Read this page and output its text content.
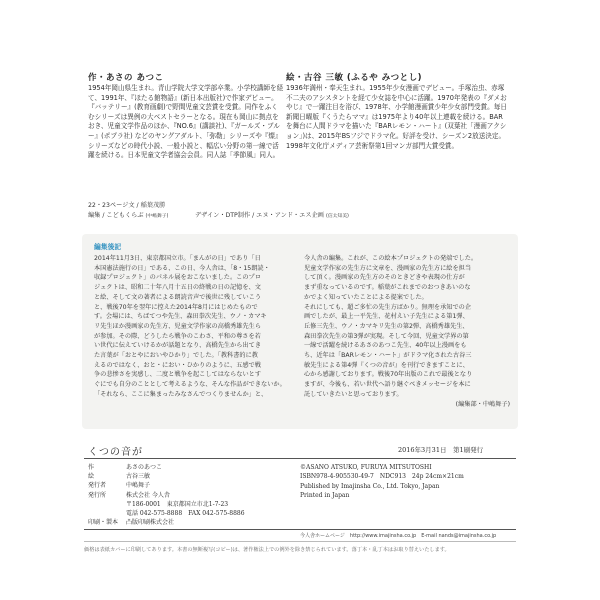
作・あさの あつこ
1954年岡山県生まれ。青山学院大学文学部卒業。小学校講師を経て、1991年、『ほたる館物語』(新日本出版社)で作家デビュー。『バッテリー』(教育画劇)で野間児童文芸賞を受賞。同作をふくむシリーズは異例の大ベストセラーとなる。現在も岡山に拠点をおき、児童文学作品のほか、『NO.6』(講談社)、『ガールズ・ブルー』(ポプラ社) などのヤングアダルト、「弥勒」シリーズや『燦』シリーズなどの時代小説、一般小説と、幅広い分野の第一線で活躍を続ける。日本児童文学者協会会員。同人誌「季節風」同人。
絵・古谷 三敏 (ふるや みつとし)
1936年満州・奉天生まれ。1955年少女漫画でデビュー。手塚治虫、赤塚不二夫のアシスタントを経て少女誌を中心に活躍。1970年発表の『ダメおやじ』で一躍注目を浴び、1978年、小学館漫画賞少年少女部門受賞。毎日新聞日曜版『くうたらママ』は1975年より40年以上連載を続ける。BARを舞台に人間ドラマを描いた『BARレモン・ハート』(双葉社「漫画アクション」)は、2015年BSフジでドラマ化。好評を受け、シーズン2放送決定。1998年文化庁メディア芸術祭第1回マンガ部門大賞受賞。
22・23ページ文 / 稲葉茂勝
編集 / こどもくらぶ (中嶋舞子)	デザイン・DTP制作 / エヌ・アンド・エス企画 (信太知美)
編集後記
2014年11月3日、東京都国立市。「まんがの日」であり「日
本国憲法施行の日」である、この日、今人舎は、「8・15朗読・
収録プロジェクト」のパネル展をおこないました。このプロ
ジェクトは、昭和二十年八月十五日の終戦の日の記憶を、文
と絵、そして文の著者による朗読音声で後世に残していこう
と、戦後70年を翌年に控えた2014年8月にはじめたもので
す。会場には、ちばてつや先生、森田拳次先生、ウノ・カマキ
リ先生ほか漫画家の先生方、児童文学作家の高橋秀雄先生ら
が参加。その際、どうしたら戦争のこわさ、平和の尊さを若
い世代に伝えていけるかが話題となり、高橋先生から出てき
た言葉が「おとやにおいやひかり」でした。「教科書的に教
えるのではなく、おと・におい・ひかりのように、五感で戦
争の悲惨さを実感し、二度と戦争を起こしてはならないとす
ぐにでも自分のこととして考えるような、そんな作品ができないか。
「それなら、ここに集まったみなさんでつくりませんか」と、
今人舎の編集。これが、この絵本プロジェクトの発端でした。
児童文学作家の先生方に文章を、漫画家の先生方に絵を担当
して頂く。漫画家の先生方のそのときどきや表現の仕方が
まず重なっているのです。稲葉がこれまでのおつきあいのな
かでよく知っていたことによる提案でした。
それにしても、超ご多忙の先生方ばかり。無理を承知での企
画でしたが、最上一平先生、花村えい子先生による第1弾、
丘修三先生、ウノ・カマキリ先生の第2弾、高橋秀雄先生、
森田拳次先生の第3弾が実現。そして今回、児童文学界の第
一線で活躍を続けるあさのあつこ先生、40年以上漫画をも
ち、近年は「BARレモン・ハート」がドラマ化された古谷三
敏先生による第4弾『くつの音が』を刊行できますことに、
心から感謝しております。戦後70年出版のこれで最後となり
ますが、今後も、若い世代へ語り継ぐべきメッセージを本に
託していきたいと思っております。
(編集部・中嶋舞子)
くつの音が	2016年3月31日　第1刷発行
作	あさのあつこ
絵	古谷三敏
発行者	中嶋舞子
発行所	株式会社 今人舎
〒186-0001　東京都国立市北1-7-23
電話 042-575-8888　FAX 042-575-8886
印刷・製本	凸版印刷株式会社
©ASANO ATSUKO, FURUYA MITSUTOSHI
ISBN978-4-905530-49-7　NDC913　24p 24cm×21cm
Published by Imajinsha Co., Ltd. Tokyo, Japan
Printed in Japan
今人舎ホームページ　http://www.imajinsha.co.jp　E-mail nands@imajinsha.co.jp
価格は表紙カバーに印刷してあります。本書の無断複写(コピー)は、著作権法上での例外を除き禁じられています。落丁本・乱丁本はお取り替えいたします。
